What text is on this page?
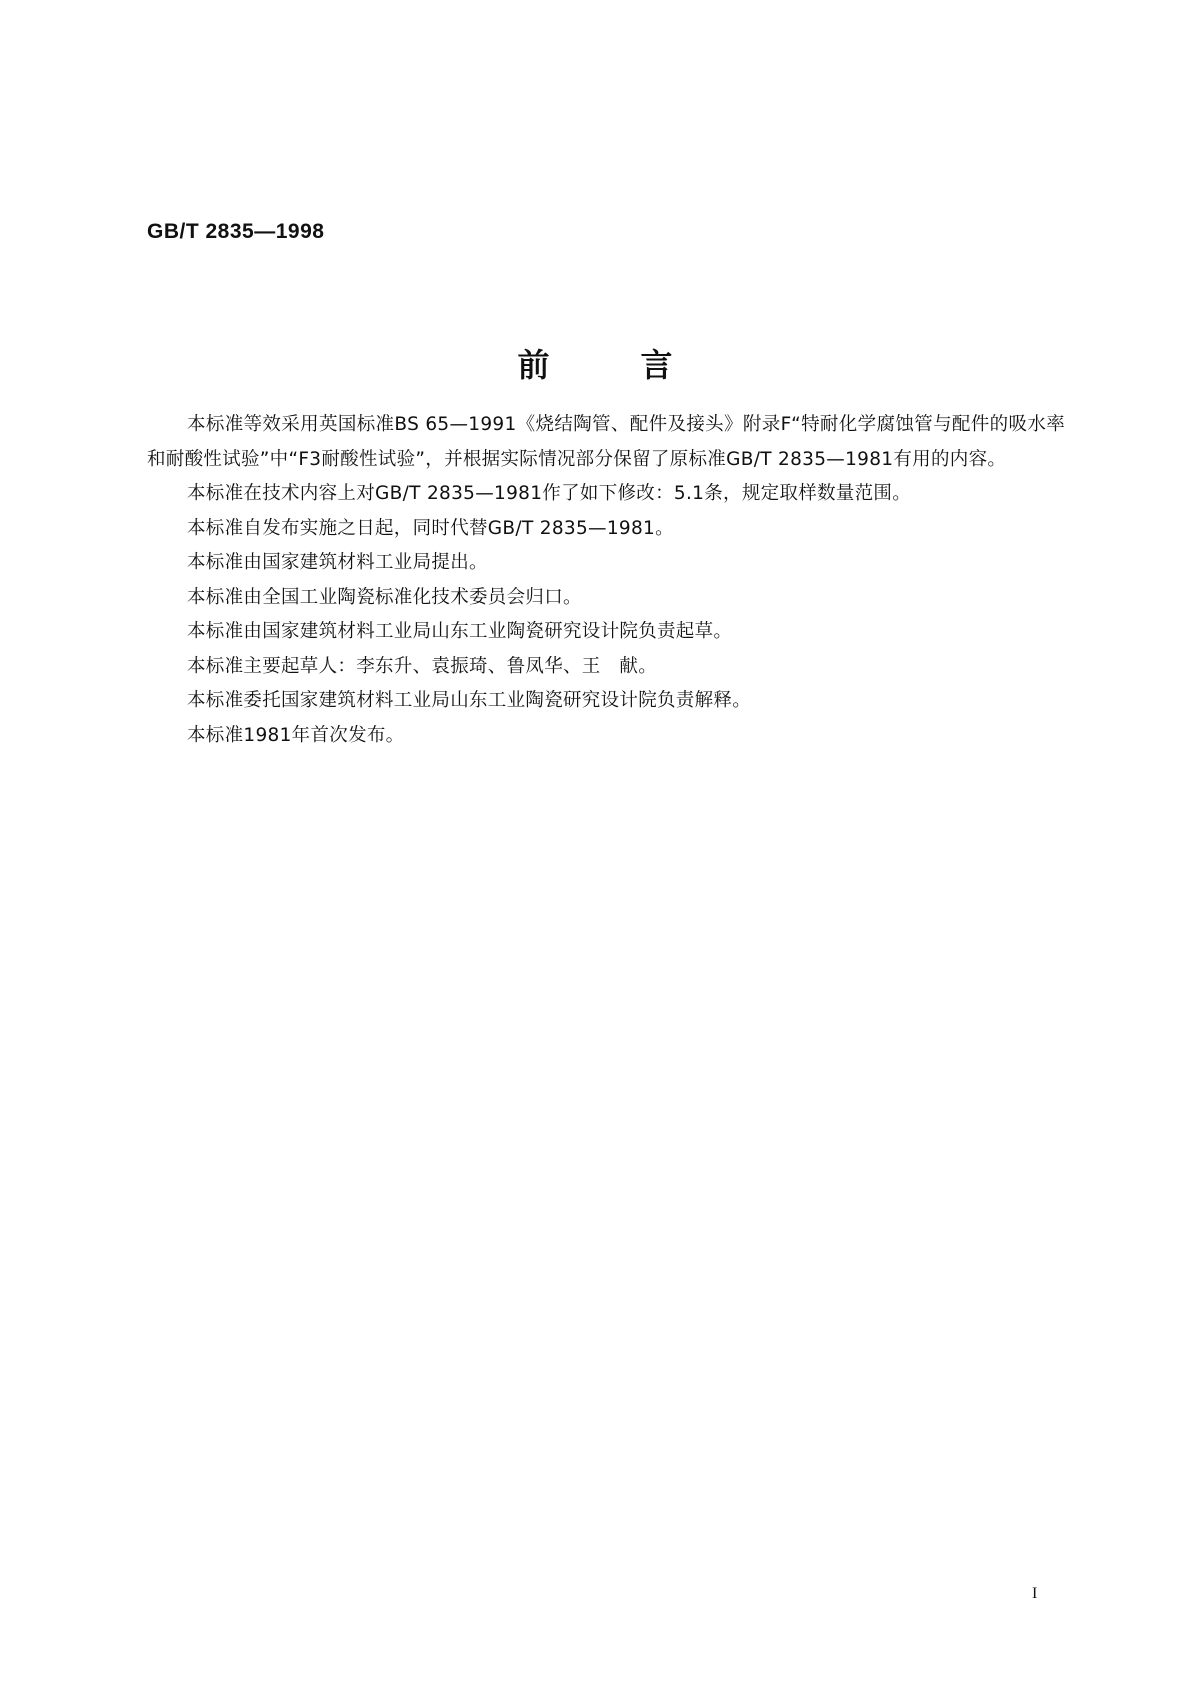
GB/T 2835—1998
前	言

本标准等效采用英国标准BS 65—1991《烧结陶管、配件及接头》附录F“特耐化学腐蚀管与配件的吸水率和耐酸性试验”中“F3耐酸性试验”，并根据实际情况部分保留了原标准GB/T 2835—1981有用的内容。

本标准在技术内容上对GB/T 2835—1981作了如下修改：5.1条，规定取样数量范围。

本标准自发布实施之日起，同时代替GB/T 2835—1981。

本标准由国家建筑材料工业局提出。

本标准由全国工业陶瓷标准化技术委员会归口。

本标准由国家建筑材料工业局山东工业陶瓷研究设计院负责起草。

本标准主要起草人：李东升、袁振琦、鲁凤华、王　献。

本标准委托国家建筑材料工业局山东工业陶瓷研究设计院负责解释。

本标准1981年首次发布。

I
